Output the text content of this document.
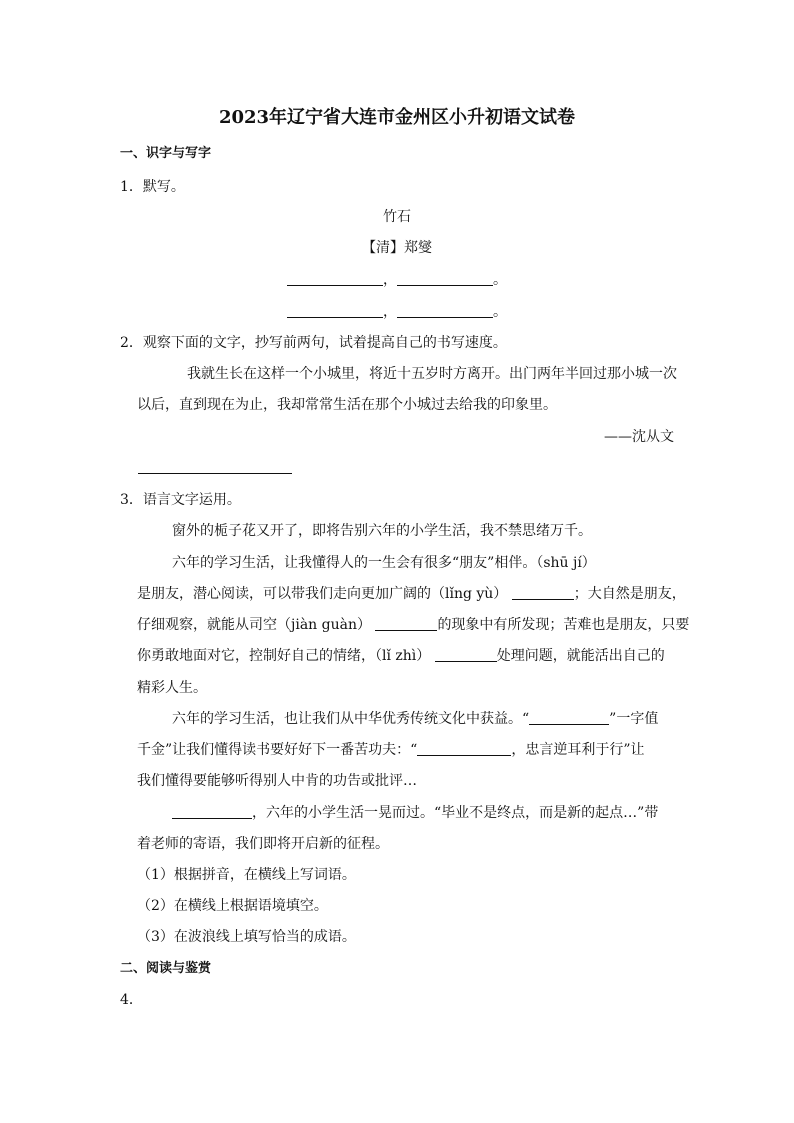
2023年辽宁省大连市金州区小升初语文试卷
一、识字与写字
1．默写。
竹石
【清】郑燮
，	。
，	。
2．观察下面的文字，抄写前两句，试着提高自己的书写速度。
我就生长在这样一个小城里，将近十五岁时方离开。出门两年半回过那小城一次
以后，直到现在为止，我却常常生活在那个小城过去给我的印象里。
——沈从文
3．语言文字运用。
窗外的栀子花又开了，即将告别六年的小学生活，我不禁思绪万千。
六年的学习生活，让我懂得人的一生会有很多“朋友”相伴。（shū jí）
是朋友，潜心阅读，可以带我们走向更加广阔的（lǐng yù）	；大自然是朋友，
仔细观察，就能从司空（jiàn guàn）	的现象中有所发现；苦难也是朋友，只要
你勇敢地面对它，控制好自己的情绪，（lǐ zhì）	处理问题，就能活出自己的
精彩人生。
六年的学习生活，也让我们从中华优秀传统文化中获益。“	”一字值
千金”让我们懂得读书要好好下一番苦功夫：“	，忠言逆耳利于行”让
我们懂得要能够听得别人中肯的功告或批评…
，六年的小学生活一晃而过。“毕业不是终点，而是新的起点…”带
着老师的寄语，我们即将开启新的征程。
（1）根据拼音，在横线上写词语。
（2）在横线上根据语境填空。
（3）在波浪线上填写恰当的成语。
二、阅读与鉴赏
4．
